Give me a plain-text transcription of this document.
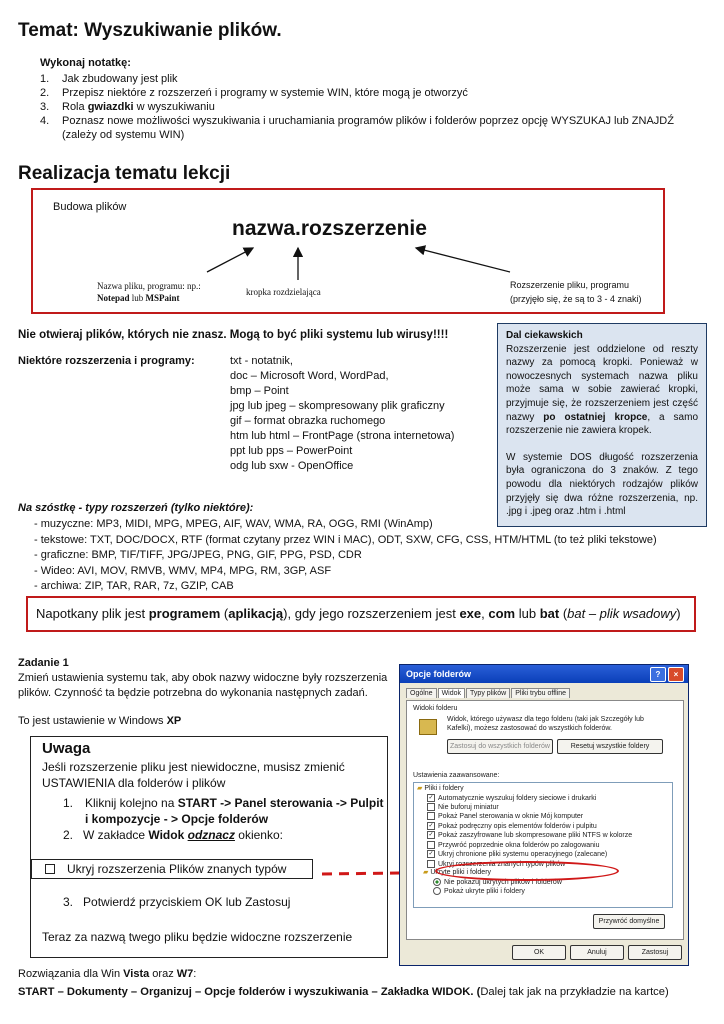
Temat: Wyszukiwanie plików.
Wykonaj notatkę:
1. Jak zbudowany jest plik
2. Przepisz niektóre z rozszerzeń i programy w systemie WIN, które mogą je otworzyć
3. Rola gwiazdki w wyszukiwaniu
4. Poznasz nowe możliwości wyszukiwania i uruchamiania programów plików i folderów poprzez opcję WYSZUKAJ lub ZNAJDŹ (zależy od systemu WIN)
Realizacja tematu lekcji
Budowa plików
nazwa.rozszerzenie
Nazwa pliku, programu: np.:
Notepad lub MSPaint
kropka rozdzielająca
Rozszerzenie pliku, programu
(przyjęło się, że są to 3 - 4 znaki)
Nie otwieraj plików, których nie znasz. Mogą to być pliki systemu lub wirusy!!!!
Niektóre rozszerzenia i programy:	txt - notatnik,
doc – Microsoft Word, WordPad,
bmp – Point
jpg lub jpeg – skompresowany plik graficzny
gif – format obrazka ruchomego
htm lub html – FrontPage (strona internetowa)
ppt lub pps – PowerPoint
odg lub sxw - OpenOffice
Dal ciekawskich
Rozszerzenie jest oddzielone od reszty nazwy za pomocą kropki. Ponieważ w nowoczesnych systemach nazwa pliku może sama w sobie zawierać kropki, przyjmuje się, że rozszerzeniem jest część nazwy po ostatniej kropce, a samo rozszerzenie nie zawiera kropek.
W systemie DOS długość rozszerzenia była ograniczona do 3 znaków. Z tego powodu dla niektórych rodzajów plików przyjęły się dwa różne rozszerzenia, np. .jpg i .jpeg oraz .htm i .html
Na szóstkę - typy rozszerzeń (tylko niektóre):
- muzyczne: MP3, MIDI, MPG, MPEG, AIF, WAV, WMA, RA, OGG, RMI (WinAmp)
- tekstowe: TXT, DOC/DOCX, RTF (format czytany przez WIN i MAC), ODT, SXW, CFG, CSS, HTM/HTML (to też pliki tekstowe)
- graficzne: BMP, TIF/TIFF, JPG/JPEG, PNG, GIF, PPG, PSD, CDR
- Wideo: AVI, MOV, RMVB, WMV, MP4, MPG, RM, 3GP, ASF
- archiwa: ZIP, TAR, RAR, 7z, GZIP, CAB
Napotkany plik jest programem (aplikacją), gdy jego rozszerzeniem jest exe, com lub bat (bat – plik wsadowy)
Zadanie 1
Zmień ustawienia systemu tak, aby obok nazwy widoczne były rozszerzenia
plików. Czynność ta będzie potrzebna do wykonania następnych zadań.
To jest ustawienie w Windows XP
Uwaga
Jeśli rozszerzenie pliku jest niewidoczne, musisz zmienić
USTAWIENIA dla folderów i plików
1. Kliknij kolejno na START -> Panel sterowania -> Pulpit
i kompozycje - > Opcje folderów
2. W zakładce Widok odznacz okienko:
Ukryj rozszerzenia Plików znanych typów
3. Potwierdź przyciskiem OK lub Zastosuj
Teraz za nazwą twego pliku będzie widoczne rozszerzenie
Opcje folderów	?	×
Ogólne Widok Typy plików Pliki trybu offline
Widoki folderu
Widok, którego używasz dla tego folderu (taki jak Szczegóły lub Kafelki), możesz zastosować do wszystkich folderów.
Zastosuj do wszystkich folderów	Resetuj wszystkie foldery
Ustawienia zaawansowane:
▰ Pliki i foldery
✓ Automatycznie wyszukuj foldery sieciowe i drukarki
Nie buforuj miniatur
Pokaż Panel sterowania w oknie Mój komputer
✓ Pokaż podręczny opis elementów folderów i pulpitu
✓ Pokaż zaszyfrowane lub skompresowane pliki NTFS w kolorze
Przywróć poprzednie okna folderów po zalogowaniu
✓ Ukryj chronione pliki systemu operacyjnego (zalecane)
Ukryj rozszerzenia znanych typów plików
▰ Ukryte pliki i foldery
Nie pokazuj ukrytych plików i folderów
Pokaż ukryte pliki i foldery
Przywróć domyślne
OK	Anuluj	Zastosuj
Rozwiązania dla Win Vista oraz W7:
START – Dokumenty – Organizuj – Opcje folderów i wyszukiwania – Zakładka WIDOK. (Dalej tak jak na przykładzie na kartce)
